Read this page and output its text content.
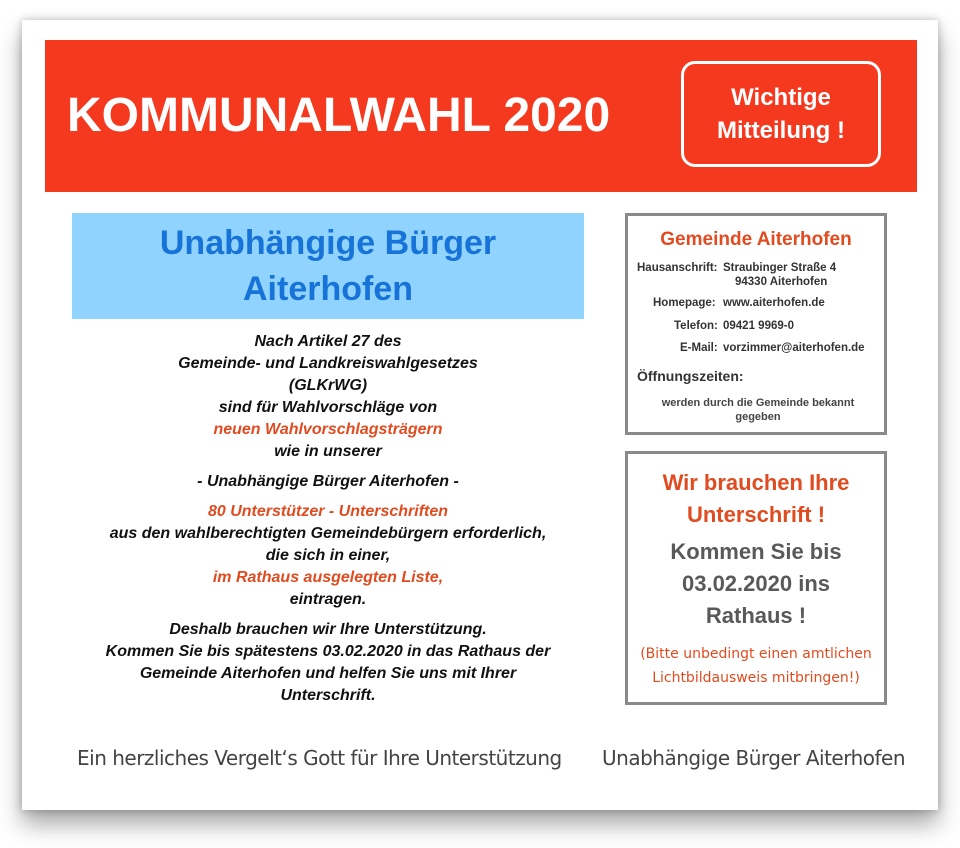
KOMMUNALWAHL 2020	Wichtige
Mitteilung !
Unabhängige Bürger
Aiterhofen
Nach Artikel 27 des
Gemeinde- und Landkreiswahlgesetzes
(GLKrWG)
sind für Wahlvorschläge von
neuen Wahlvorschlagsträgern
wie in unserer
- Unabhängige Bürger Aiterhofen -
80 Unterstützer - Unterschriften
aus den wahlberechtigten Gemeindebürgern erforderlich,
die sich in einer,
im Rathaus ausgelegten Liste,
eintragen.
Deshalb brauchen wir Ihre Unterstützung.
Kommen Sie bis spätestens 03.02.2020 in das Rathaus der
Gemeinde Aiterhofen und helfen Sie uns mit Ihrer
Unterschrift.
Gemeinde Aiterhofen
Hausanschrift: Straubinger Straße 4
94330 Aiterhofen
Homepage: www.aiterhofen.de
Telefon: 09421 9969-0
E-Mail: vorzimmer@aiterhofen.de
Öffnungszeiten:
werden durch die Gemeinde bekannt gegeben
Wir brauchen Ihre
Unterschrift !
Kommen Sie bis
03.02.2020 ins
Rathaus !
(Bitte unbedingt einen amtlichen
Lichtbildausweis mitbringen!)
Ein herzliches Vergelt‘s Gott für Ihre Unterstützung Unabhängige Bürger Aiterhofen
